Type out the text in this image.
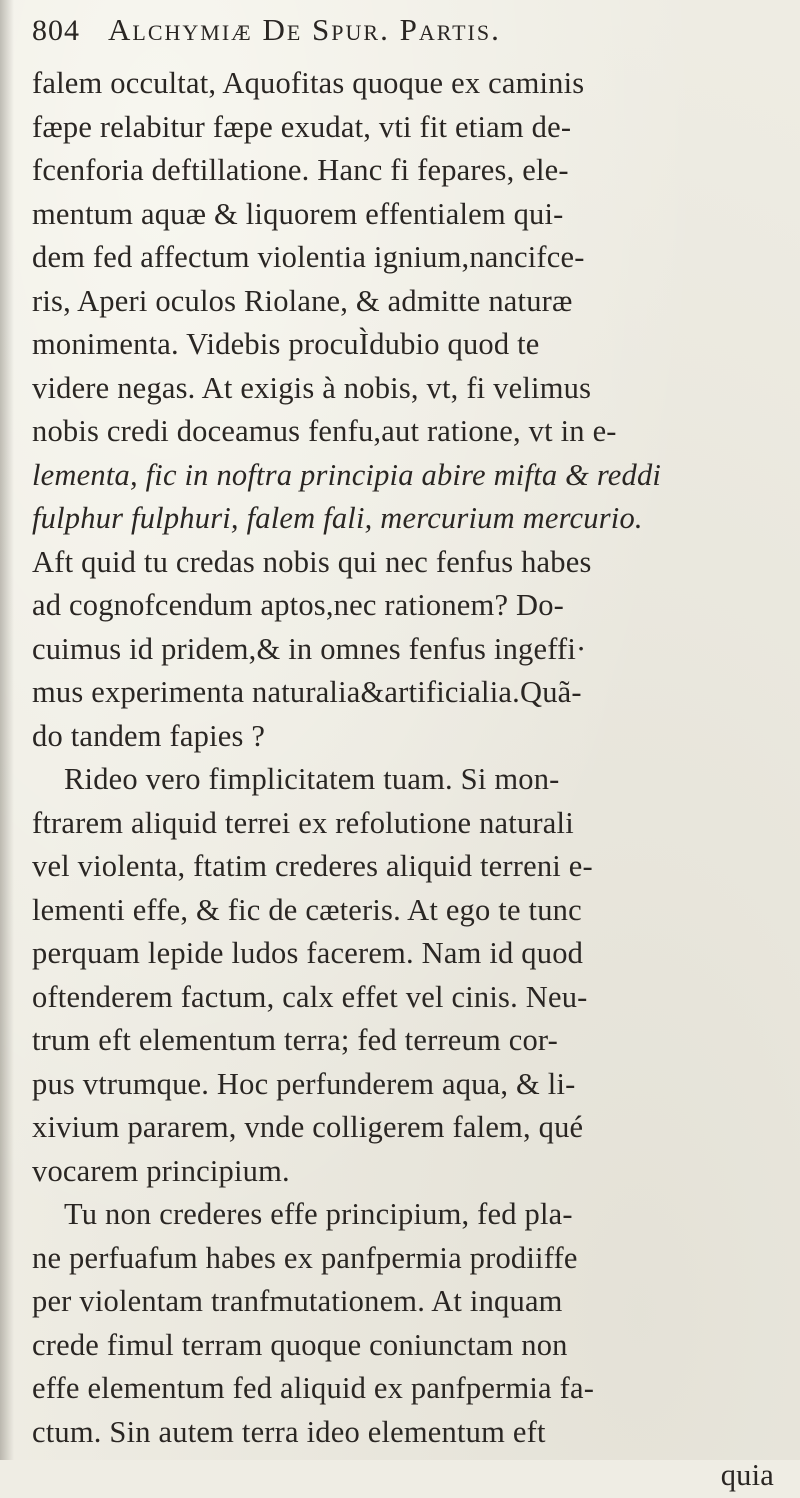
804 Alchymiæ De Spur. Partis.
falem occultat, Aquofitas quoque ex caminis
fæpe relabitur fæpe exudat, vti fit etiam de-
fcenforia deftillatione. Hanc fi fepares, ele-
mentum aquæ & liquorem effentialem qui-
dem fed affectum violentia ignium,nancifce-
ris, Aperi oculos Riolane, & admitte naturæ
monimenta. Videbis procuÌdubio quod te
videre negas. At exigis à nobis, vt, fi velimus
nobis credi doceamus fenfu,aut ratione, vt in e-
lementa, fic in noftra principia abire mifta & reddi
fulphur fulphuri, falem fali, mercurium mercurio.
Aft quid tu credas nobis qui nec fenfus habes
ad cognofcendum aptos,nec rationem? Do-
cuimus id pridem,& in omnes fenfus ingeffi·
mus experimenta naturalia&artificialia.Quã-
do tandem fapies ?
Rideo vero fimplicitatem tuam. Si mon-
ftrarem aliquid terrei ex refolutione naturali
vel violenta, ftatim crederes aliquid terreni e-
lementi effe, & fic de cæteris. At ego te tunc
perquam lepide ludos facerem. Nam id quod
oftenderem factum, calx effet vel cinis. Neu-
trum eft elementum terra; fed terreum cor-
pus vtrumque. Hoc perfunderem aqua, & li-
xivium pararem, vnde colligerem falem, qué
vocarem principium.
Tu non crederes effe principium, fed pla-
ne perfuafum habes ex panfpermia prodiiffe
per violentam tranfmutationem. At inquam
crede fimul terram quoque coniunctam non
effe elementum fed aliquid ex panfpermia fa-
ctum. Sin autem terra ideo elementum eft
quia
